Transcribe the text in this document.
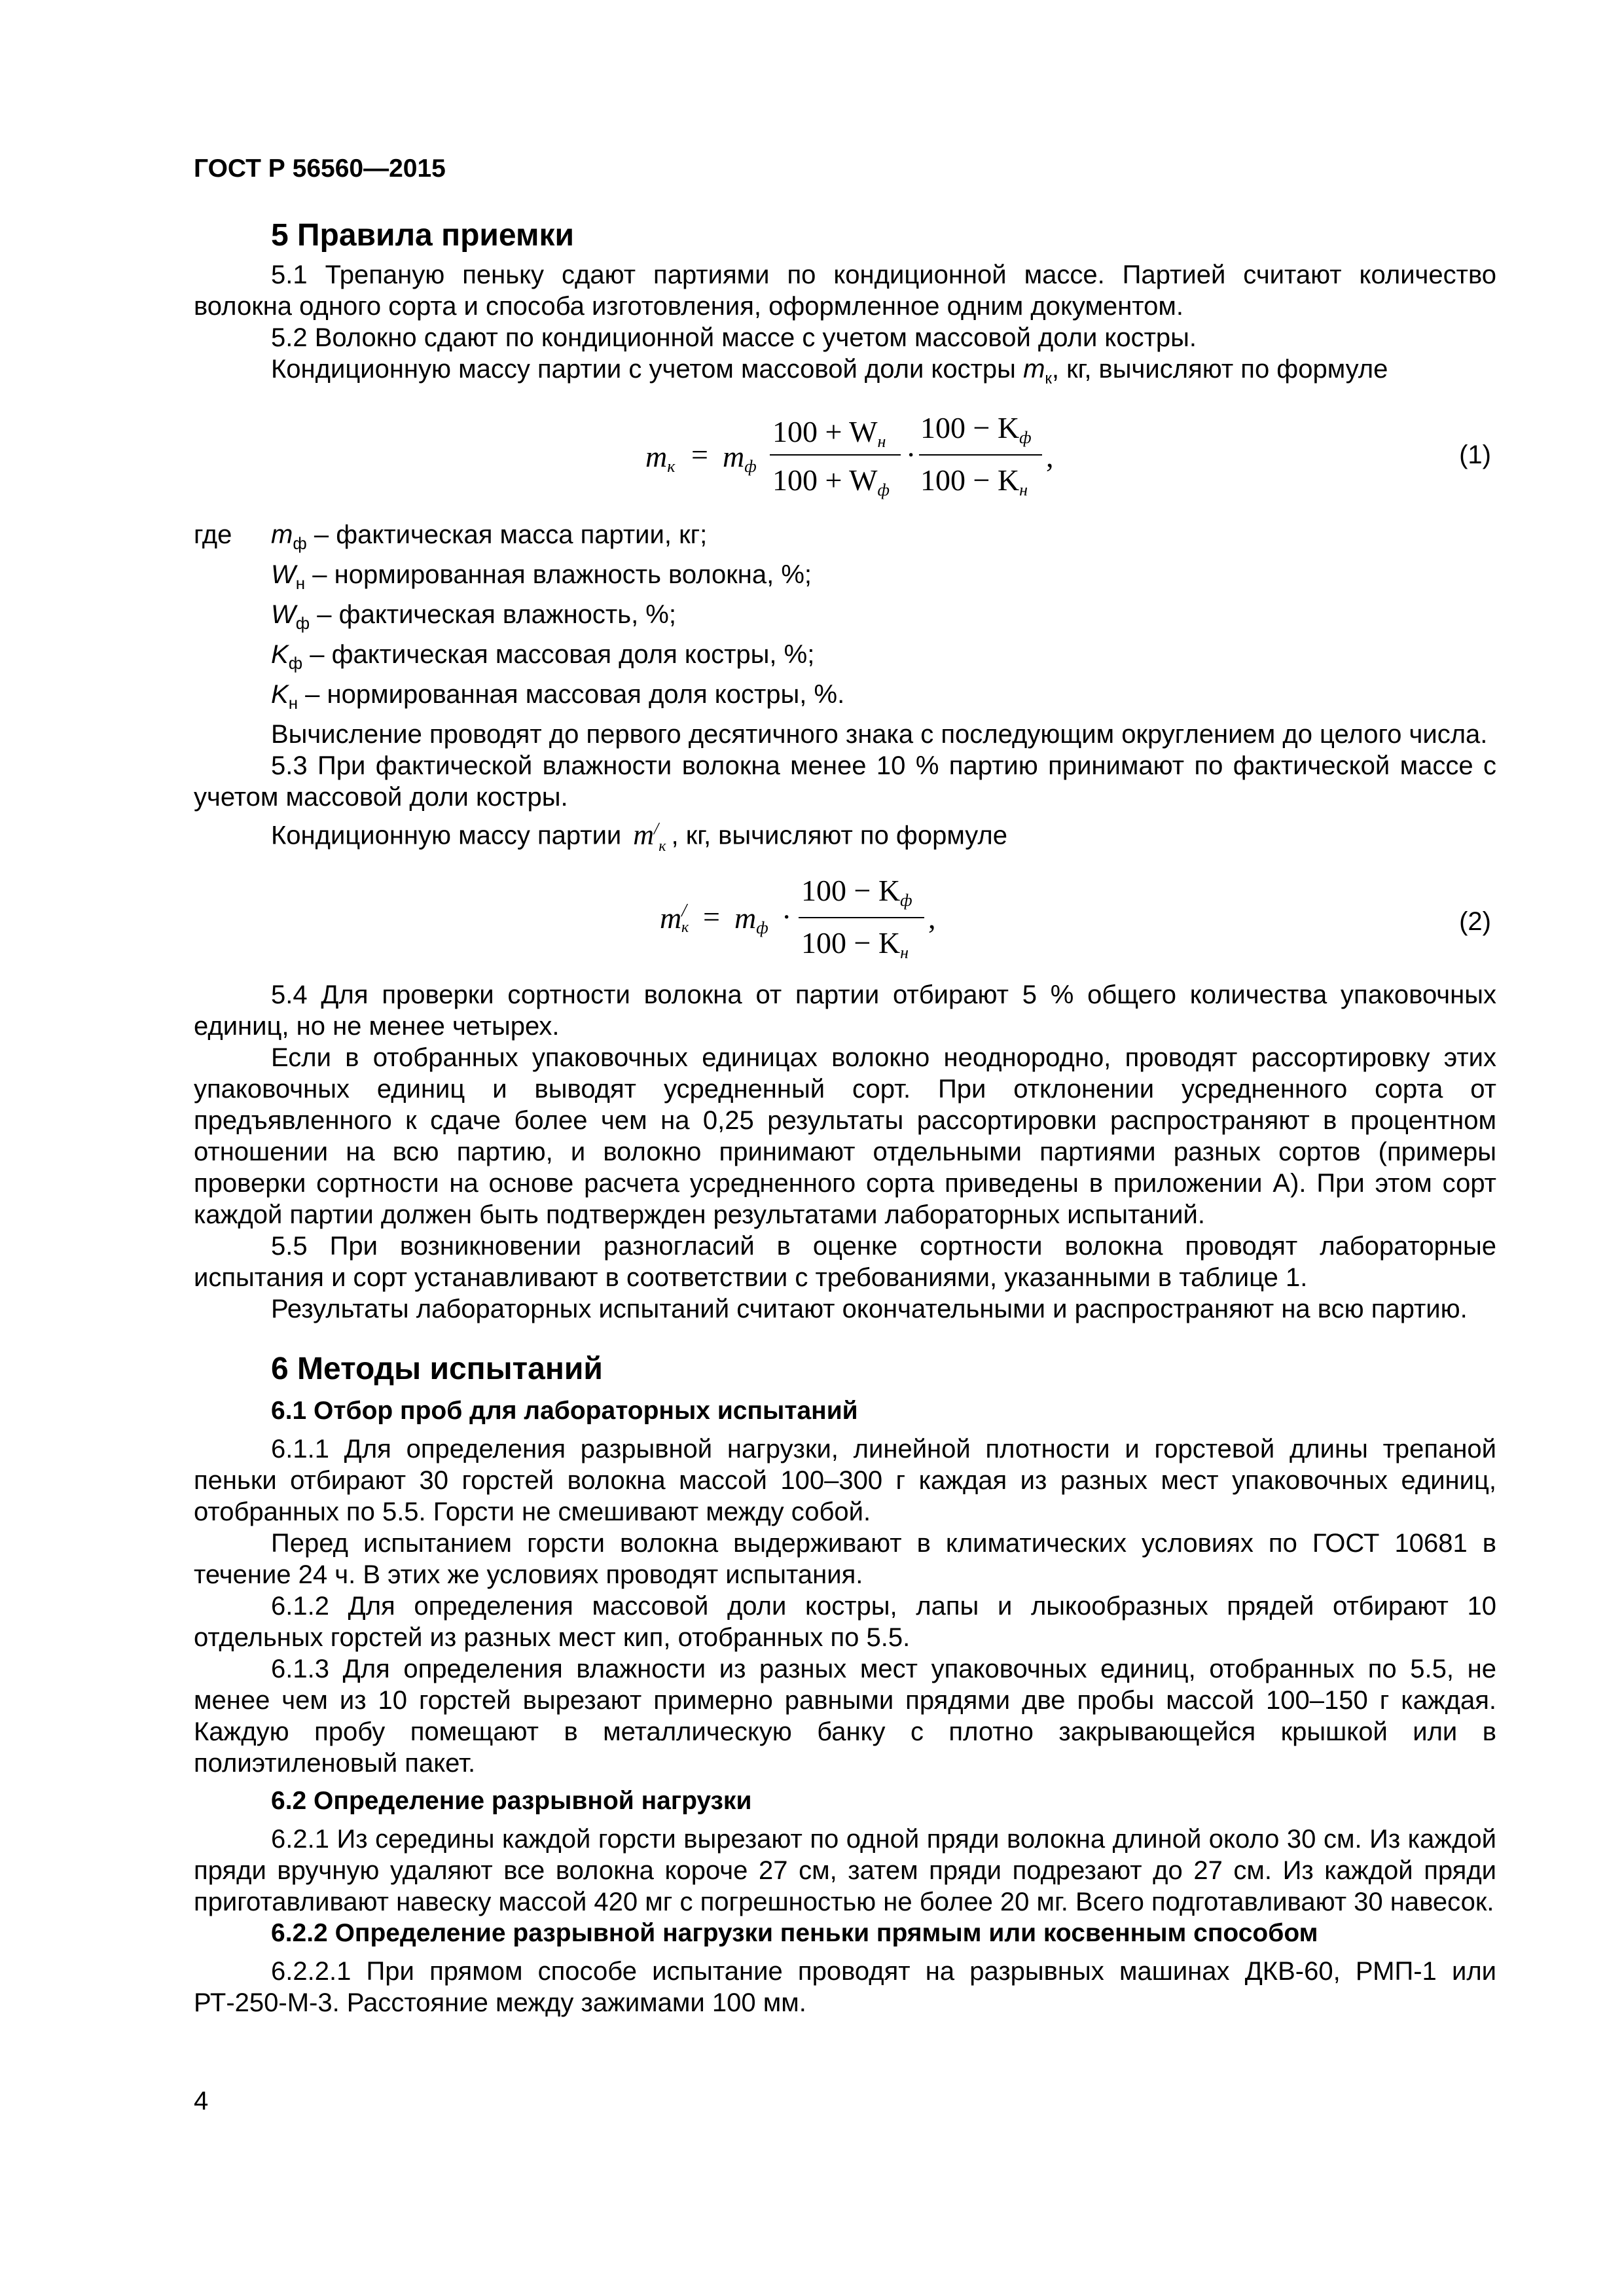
ГОСТ Р 56560—2015
5 Правила приемки

5.1 Трепаную пеньку сдают партиями по кондиционной массе. Партией считают количество волокна одного сорта и способа изготовления, оформленное одним документом.

5.2 Волокно сдают по кондиционной массе с учетом массовой доли костры.

Кондиционную массу партии с учетом массовой доли костры $m_к$, кг, вычисляют по формуле

mк = mф
100 + Wн
100 + Wф
·
100 − Kф
100 − Kн
,	(1)
где	$m_ф$
– фактическая масса партии, кг;
$W_н$
– нормированная влажность волокна, %;
$W_ф$
– фактическая влажность, %;
$K_ф$
– фактическая массовая доля костры, %;
$K_н$
– нормированная массовая доля костры, %.

Вычисление проводят до первого десятичного знака с последующим округлением до целого числа.

5.3 При фактической влажности волокна менее 10 % партию принимают по фактической массе с учетом массовой доли костры.

Кондиционную массу партии $m^/_к$ , кг, вычисляют по формуле

m/ к = mф ·
100 − Kф
100 − Kн
,	(2)

5.4 Для проверки сортности волокна от партии отбирают 5 % общего количества упаковочных единиц, но не менее четырех.

Если в отобранных упаковочных единицах волокно неоднородно, проводят рассортировку этих упаковочных единиц и выводят усредненный сорт. При отклонении усредненного сорта от предъявленного к сдаче более чем на 0,25 результаты рассортировки распространяют в процентном отношении на всю партию, и волокно принимают отдельными партиями разных сортов (примеры проверки сортности на основе расчета усредненного сорта приведены в приложении А). При этом сорт каждой партии должен быть подтвержден результатами лабораторных испытаний.

5.5 При возникновении разногласий в оценке сортности волокна проводят лабораторные испытания и сорт устанавливают в соответствии с требованиями, указанными в таблице 1.

Результаты лабораторных испытаний считают окончательными и распространяют на всю партию.

6 Методы испытаний
6.1 Отбор проб для лабораторных испытаний

6.1.1 Для определения разрывной нагрузки, линейной плотности и горстевой длины трепаной пеньки отбирают 30 горстей волокна массой 100–300 г каждая из разных мест упаковочных единиц, отобранных по 5.5. Горсти не смешивают между собой.

Перед испытанием горсти волокна выдерживают в климатических условиях по ГОСТ 10681 в течение 24 ч. В этих же условиях проводят испытания.

6.1.2 Для определения массовой доли костры, лапы и лыкообразных прядей отбирают 10 отдельных горстей из разных мест кип, отобранных по 5.5.

6.1.3 Для определения влажности из разных мест упаковочных единиц, отобранных по 5.5, не менее чем из 10 горстей вырезают примерно равными прядями две пробы массой 100–150 г каждая. Каждую пробу помещают в металлическую банку с плотно закрывающейся крышкой или в полиэтиленовый пакет.

6.2 Определение разрывной нагрузки

6.2.1 Из середины каждой горсти вырезают по одной пряди волокна длиной около 30 см. Из каждой пряди вручную удаляют все волокна короче 27 см, затем пряди подрезают до 27 см. Из каждой пряди приготавливают навеску массой 420 мг с погрешностью не более 20 мг. Всего подготавливают 30 навесок.

6.2.2 Определение разрывной нагрузки пеньки прямым или косвенным способом

6.2.2.1 При прямом способе испытание проводят на разрывных машинах ДКВ-60, РМП-1 или РТ-250-М-3. Расстояние между зажимами 100 мм.

4
